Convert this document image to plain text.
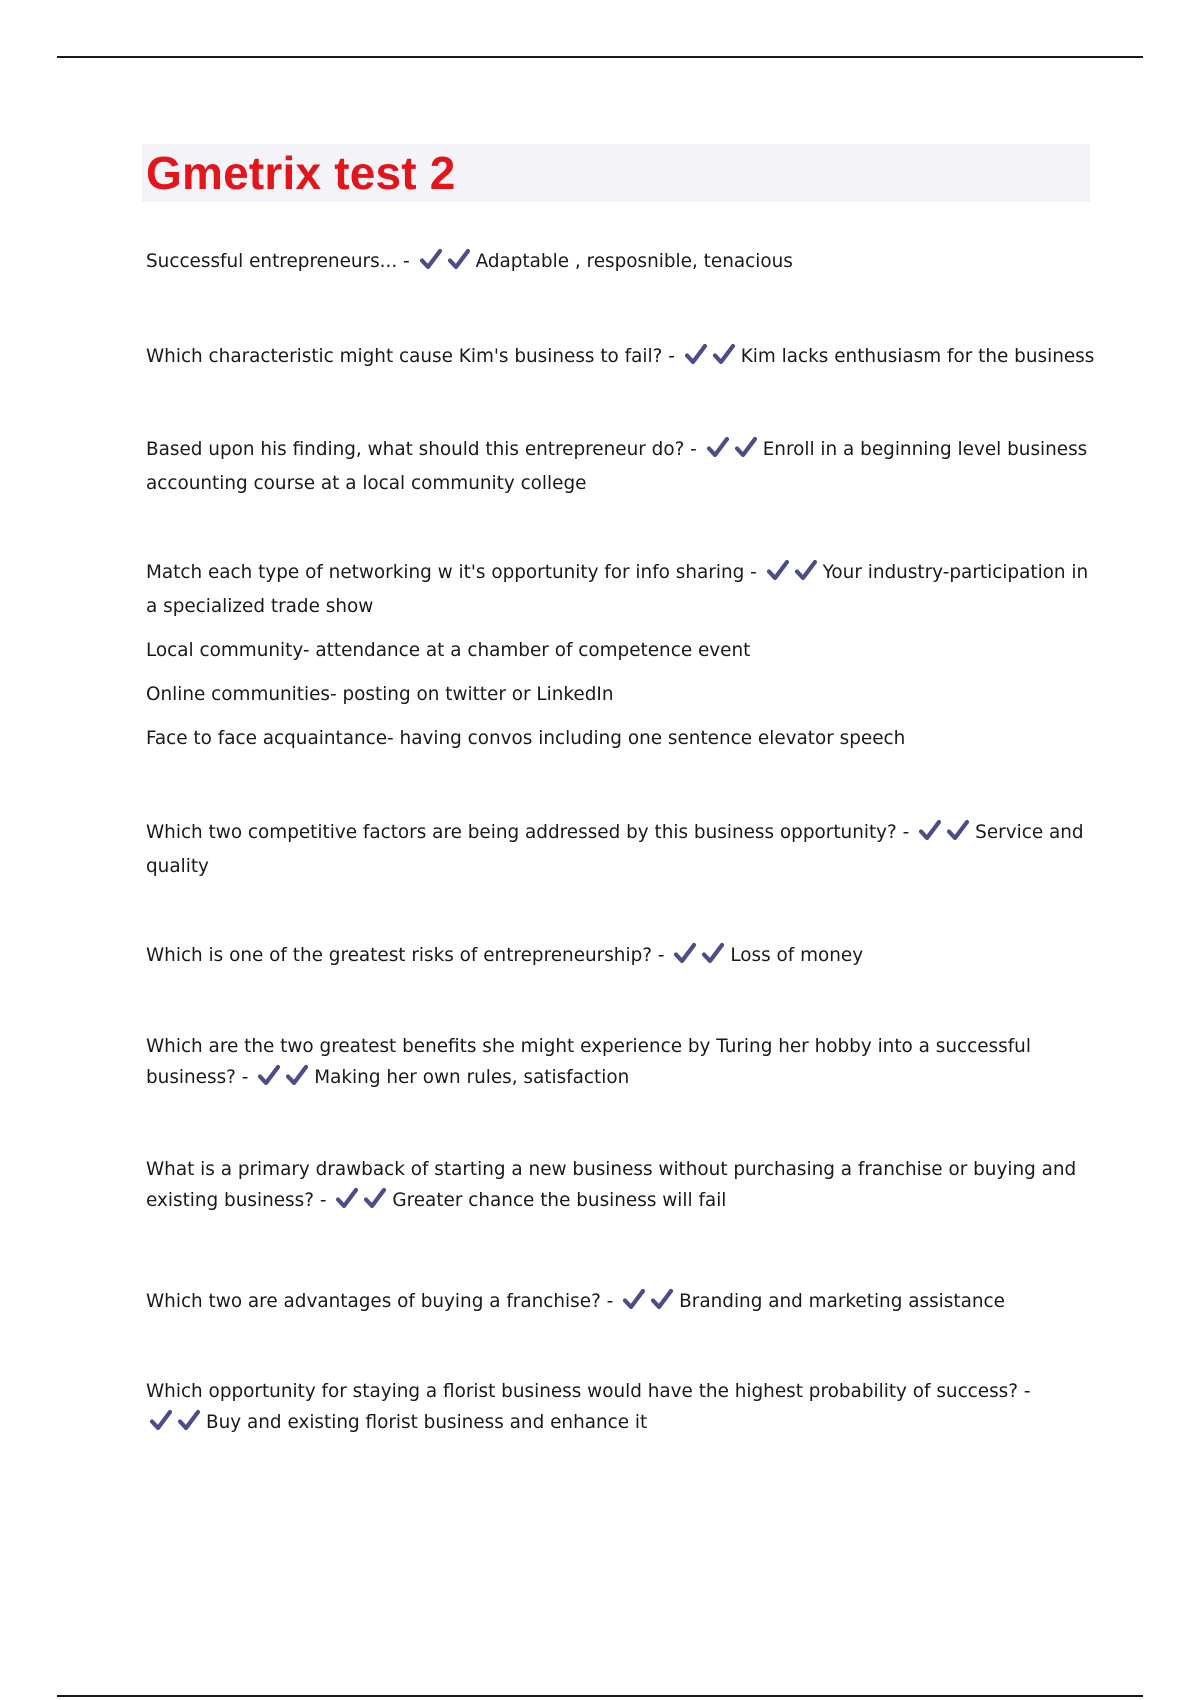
Gmetrix test 2

Successful entrepreneurs... -	Adaptable , resposnible, tenacious

Which characteristic might cause Kim's business to fail? -	Kim lacks enthusiasm for the business

Based upon his finding, what should this entrepreneur do? -	Enroll in a beginning level business accounting course at a local community college

Match each type of networking w it's opportunity for info sharing -	Your industry-participation in a specialized trade show

Local community- attendance at a chamber of competence event

Online communities- posting on twitter or LinkedIn

Face to face acquaintance- having convos including one sentence elevator speech

Which two competitive factors are being addressed by this business opportunity? -	Service and quality

Which is one of the greatest risks of entrepreneurship? -	Loss of money

Which are the two greatest benefits she might experience by Turing her hobby into a successful business? -	Making her own rules, satisfaction

What is a primary drawback of starting a new business without purchasing a franchise or buying and existing business? -	Greater chance the business will fail

Which two are advantages of buying a franchise? -	Branding and marketing assistance

Which opportunity for staying a florist business would have the highest probability of success? - Buy and existing florist business and enhance it
